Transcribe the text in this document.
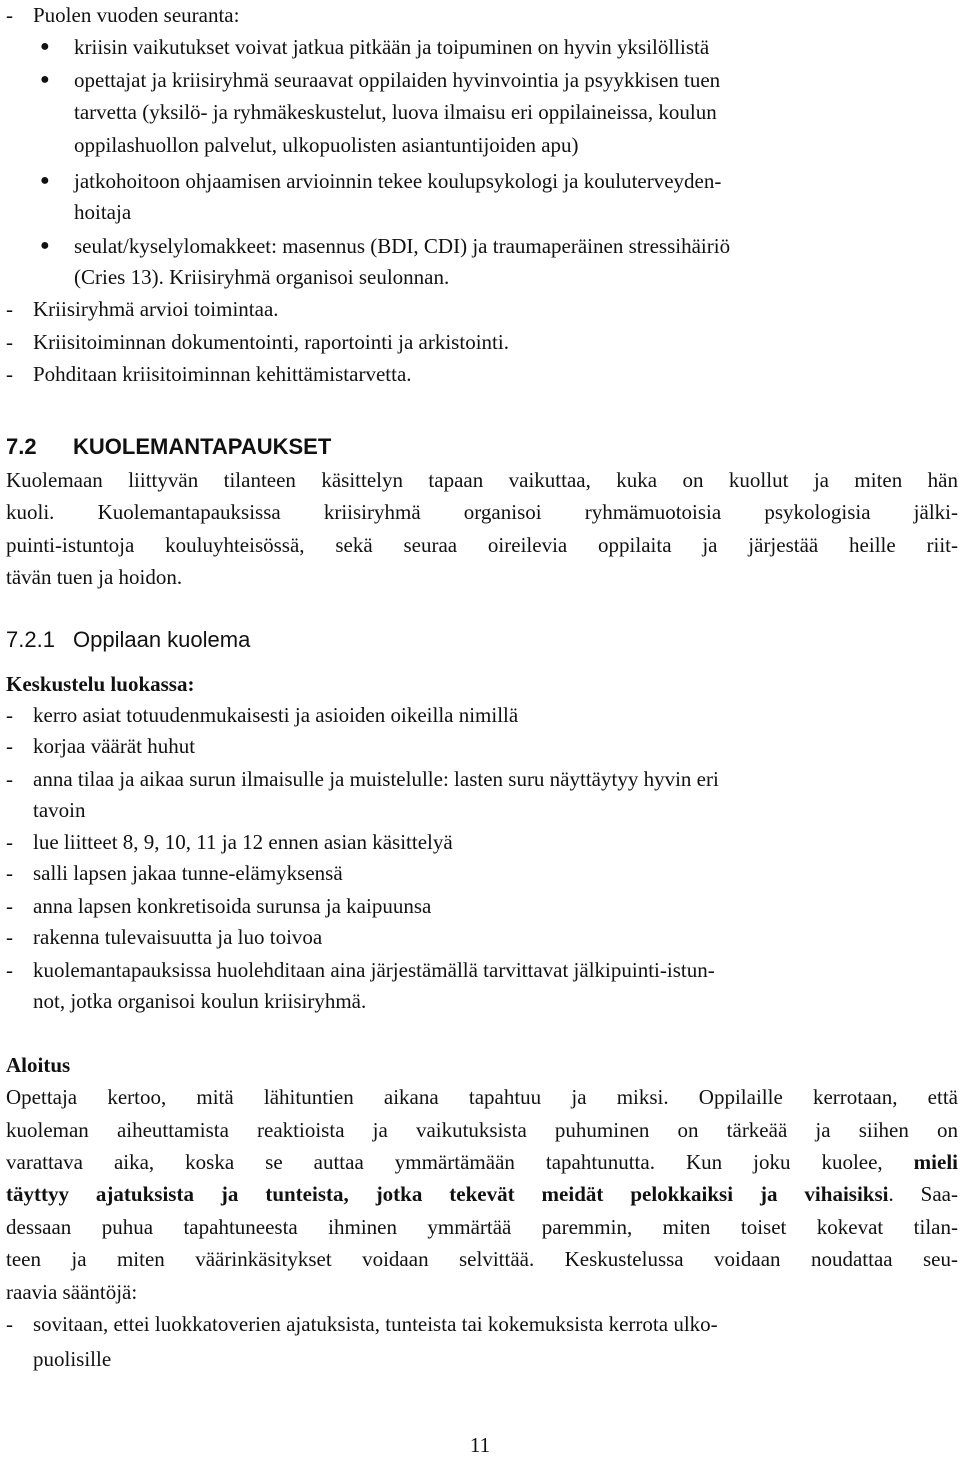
- Puolen vuoden seuranta:
● kriisin vaikutukset voivat jatkua pitkään ja toipuminen on hyvin yksilöllistä
● opettajat ja kriisiryhmä seuraavat oppilaiden hyvinvointia ja psyykkisen tuen
tarvetta (yksilö- ja ryhmäkeskustelut, luova ilmaisu eri oppilaineissa, koulun
oppilashuollon palvelut, ulkopuolisten asiantuntijoiden apu)
● jatkohoitoon ohjaamisen arvioinnin tekee koulupsykologi ja kouluterveyden-
hoitaja
● seulat/kyselylomakkeet: masennus (BDI, CDI) ja traumaperäinen stressihäiriö
(Cries 13). Kriisiryhmä organisoi seulonnan.
- Kriisiryhmä arvioi toimintaa.
- Kriisitoiminnan dokumentointi, raportointi ja arkistointi.
- Pohditaan kriisitoiminnan kehittämistarvetta.
7.2 KUOLEMANTAPAUKSET
Kuolemaan liittyvän tilanteen käsittelyn tapaan vaikuttaa, kuka on kuollut ja miten hän
kuoli. Kuolemantapauksissa kriisiryhmä organisoi ryhmämuotoisia psykologisia jälki-
puinti-istuntoja kouluyhteisössä, sekä seuraa oireilevia oppilaita ja järjestää heille riit-
tävän tuen ja hoidon.
7.2.1 Oppilaan kuolema
Keskustelu luokassa:
- kerro asiat totuudenmukaisesti ja asioiden oikeilla nimillä
- korjaa väärät huhut
- anna tilaa ja aikaa surun ilmaisulle ja muistelulle: lasten suru näyttäytyy hyvin eri
tavoin
- lue liitteet 8, 9, 10, 11 ja 12 ennen asian käsittelyä
- salli lapsen jakaa tunne-elämyksensä
- anna lapsen konkretisoida surunsa ja kaipuunsa
- rakenna tulevaisuutta ja luo toivoa
- kuolemantapauksissa huolehditaan aina järjestämällä tarvittavat jälkipuinti-istun-
not, jotka organisoi koulun kriisiryhmä.
Aloitus
Opettaja kertoo, mitä lähituntien aikana tapahtuu ja miksi. Oppilaille kerrotaan, että
kuoleman aiheuttamista reaktioista ja vaikutuksista puhuminen on tärkeää ja siihen on
varattava aika, koska se auttaa ymmärtämään tapahtunutta. Kun joku kuolee, mieli
täyttyy ajatuksista ja tunteista, jotka tekevät meidät pelokkaiksi ja vihaisiksi. Saa-
dessaan puhua tapahtuneesta ihminen ymmärtää paremmin, miten toiset kokevat tilan-
teen ja miten väärinkäsitykset voidaan selvittää. Keskustelussa voidaan noudattaa seu-
raavia sääntöjä:
- sovitaan, ettei luokkatoverien ajatuksista, tunteista tai kokemuksista kerrota ulko-
puolisille
11
